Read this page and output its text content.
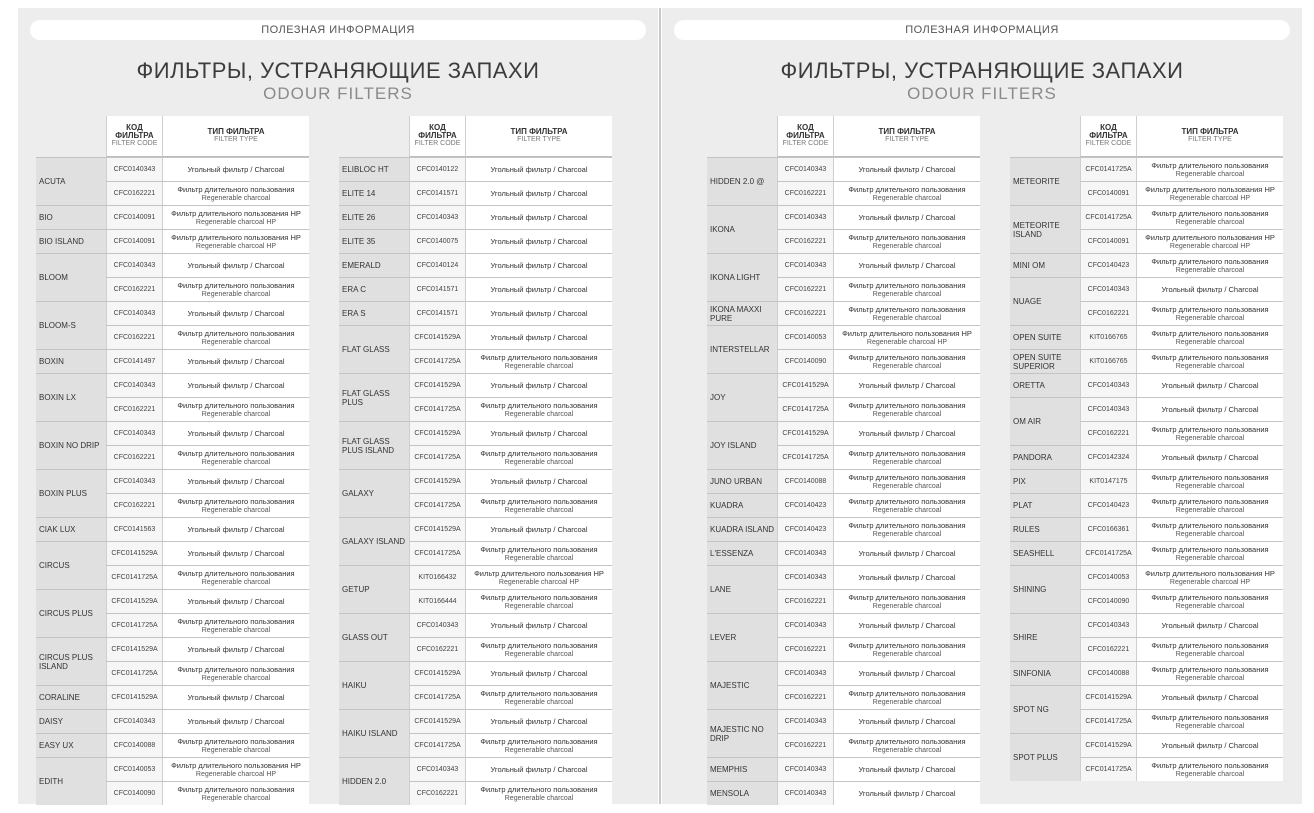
ПОЛЕЗНАЯ ИНФОРМАЦИЯ
ФИЛЬТРЫ, УСТРАНЯЮЩИЕ ЗАПАХИ
ODOUR FILTERS
КОД ФИЛЬТРА
FILTER CODE
ТИП ФИЛЬТРА
FILTER TYPE
ACUTA
CFC0140343	Угольный фильтр / Charcoal
CFC0162221	Фильтр длительного пользования
Regenerable charcoal
BIO	CFC0140091	Фильтр длительного пользования HP
Regenerable charcoal HP
BIO ISLAND	CFC0140091	Фильтр длительного пользования HP
Regenerable charcoal HP
BLOOM
CFC0140343	Угольный фильтр / Charcoal
CFC0162221	Фильтр длительного пользования
Regenerable charcoal
BLOOM-S
CFC0140343	Угольный фильтр / Charcoal
CFC0162221	Фильтр длительного пользования
Regenerable charcoal
BOXIN	CFC0141497	Угольный фильтр / Charcoal
BOXIN LX
CFC0140343	Угольный фильтр / Charcoal
CFC0162221	Фильтр длительного пользования
Regenerable charcoal
BOXIN NO DRIP
CFC0140343	Угольный фильтр / Charcoal
CFC0162221	Фильтр длительного пользования
Regenerable charcoal
BOXIN PLUS
CFC0140343	Угольный фильтр / Charcoal
CFC0162221	Фильтр длительного пользования
Regenerable charcoal
CIAK LUX	CFC0141563	Угольный фильтр / Charcoal
CIRCUS
CFC0141529A	Угольный фильтр / Charcoal
CFC0141725A	Фильтр длительного пользования
Regenerable charcoal
CIRCUS PLUS
CFC0141529A	Угольный фильтр / Charcoal
CFC0141725A	Фильтр длительного пользования
Regenerable charcoal
CIRCUS PLUS ISLAND
CFC0141529A	Угольный фильтр / Charcoal
CFC0141725A	Фильтр длительного пользования
Regenerable charcoal
CORALINE	CFC0141529A	Угольный фильтр / Charcoal
DAISY	CFC0140343	Угольный фильтр / Charcoal
EASY UX	CFC0140088	Фильтр длительного пользования
Regenerable charcoal
EDITH
CFC0140053	Фильтр длительного пользования HP
Regenerable charcoal HP
CFC0140090	Фильтр длительного пользования
Regenerable charcoal
КОД ФИЛЬТРА
FILTER CODE
ТИП ФИЛЬТРА
FILTER TYPE
ELIBLOC HT	CFC0140122	Угольный фильтр / Charcoal
ELITE 14	CFC0141571	Угольный фильтр / Charcoal
ELITE 26	CFC0140343	Угольный фильтр / Charcoal
ELITE 35	CFC0140075	Угольный фильтр / Charcoal
EMERALD	CFC0140124	Угольный фильтр / Charcoal
ERA C	CFC0141571	Угольный фильтр / Charcoal
ERA S	CFC0141571	Угольный фильтр / Charcoal
FLAT GLASS
CFC0141529A	Угольный фильтр / Charcoal
CFC0141725A	Фильтр длительного пользования
Regenerable charcoal
FLAT GLASS PLUS
CFC0141529A	Угольный фильтр / Charcoal
CFC0141725A	Фильтр длительного пользования
Regenerable charcoal
FLAT GLASS PLUS ISLAND
CFC0141529A	Угольный фильтр / Charcoal
CFC0141725A	Фильтр длительного пользования
Regenerable charcoal
GALAXY
CFC0141529A	Угольный фильтр / Charcoal
CFC0141725A	Фильтр длительного пользования
Regenerable charcoal
GALAXY ISLAND
CFC0141529A	Угольный фильтр / Charcoal
CFC0141725A	Фильтр длительного пользования
Regenerable charcoal
GETUP
KIT0166432	Фильтр длительного пользования HP
Regenerable charcoal HP
KIT0166444	Фильтр длительного пользования
Regenerable charcoal
GLASS OUT
CFC0140343	Угольный фильтр / Charcoal
CFC0162221	Фильтр длительного пользования
Regenerable charcoal
HAIKU
CFC0141529A	Угольный фильтр / Charcoal
CFC0141725A	Фильтр длительного пользования
Regenerable charcoal
HAIKU ISLAND
CFC0141529A	Угольный фильтр / Charcoal
CFC0141725A	Фильтр длительного пользования
Regenerable charcoal
HIDDEN 2.0
CFC0140343	Угольный фильтр / Charcoal
CFC0162221	Фильтр длительного пользования
Regenerable charcoal
ПОЛЕЗНАЯ ИНФОРМАЦИЯ
ФИЛЬТРЫ, УСТРАНЯЮЩИЕ ЗАПАХИ
ODOUR FILTERS
КОД ФИЛЬТРА
FILTER CODE
ТИП ФИЛЬТРА
FILTER TYPE
HIDDEN 2.0 @
CFC0140343	Угольный фильтр / Charcoal
CFC0162221	Фильтр длительного пользования
Regenerable charcoal
IKONA
CFC0140343	Угольный фильтр / Charcoal
CFC0162221	Фильтр длительного пользования
Regenerable charcoal
IKONA LIGHT
CFC0140343	Угольный фильтр / Charcoal
CFC0162221	Фильтр длительного пользования
Regenerable charcoal
IKONA MAXXI PURE	CFC0162221	Фильтр длительного пользования
Regenerable charcoal
INTERSTELLAR
CFC0140053	Фильтр длительного пользования HP
Regenerable charcoal HP
CFC0140090	Фильтр длительного пользования
Regenerable charcoal
JOY
CFC0141529A	Угольный фильтр / Charcoal
CFC0141725A	Фильтр длительного пользования
Regenerable charcoal
JOY ISLAND
CFC0141529A	Угольный фильтр / Charcoal
CFC0141725A	Фильтр длительного пользования
Regenerable charcoal
JUNO URBAN	CFC0140088	Фильтр длительного пользования
Regenerable charcoal
KUADRA	CFC0140423	Фильтр длительного пользования
Regenerable charcoal
KUADRA ISLAND	CFC0140423	Фильтр длительного пользования
Regenerable charcoal
L'ESSENZA	CFC0140343	Угольный фильтр / Charcoal
LANE
CFC0140343	Угольный фильтр / Charcoal
CFC0162221	Фильтр длительного пользования
Regenerable charcoal
LEVER
CFC0140343	Угольный фильтр / Charcoal
CFC0162221	Фильтр длительного пользования
Regenerable charcoal
MAJESTIC
CFC0140343	Угольный фильтр / Charcoal
CFC0162221	Фильтр длительного пользования
Regenerable charcoal
MAJESTIC NO DRIP
CFC0140343	Угольный фильтр / Charcoal
CFC0162221	Фильтр длительного пользования
Regenerable charcoal
MEMPHIS	CFC0140343	Угольный фильтр / Charcoal
MENSOLA	CFC0140343	Угольный фильтр / Charcoal
КОД ФИЛЬТРА
FILTER CODE
ТИП ФИЛЬТРА
FILTER TYPE
METEORITE
CFC0141725A	Фильтр длительного пользования
Regenerable charcoal
CFC0140091	Фильтр длительного пользования HP
Regenerable charcoal HP
METEORITE ISLAND
CFC0141725A	Фильтр длительного пользования
Regenerable charcoal
CFC0140091	Фильтр длительного пользования HP
Regenerable charcoal HP
MINI OM	CFC0140423	Фильтр длительного пользования
Regenerable charcoal
NUAGE
CFC0140343	Угольный фильтр / Charcoal
CFC0162221	Фильтр длительного пользования
Regenerable charcoal
OPEN SUITE	KIT0166765	Фильтр длительного пользования
Regenerable charcoal
OPEN SUITE SUPERIOR	KIT0166765	Фильтр длительного пользования
Regenerable charcoal
ORETTA	CFC0140343	Угольный фильтр / Charcoal
OM AIR
CFC0140343	Угольный фильтр / Charcoal
CFC0162221	Фильтр длительного пользования
Regenerable charcoal
PANDORA	CFC0142324	Угольный фильтр / Charcoal
PIX	KIT0147175	Фильтр длительного пользования
Regenerable charcoal
PLAT	CFC0140423	Фильтр длительного пользования
Regenerable charcoal
RULES	CFC0166361	Фильтр длительного пользования
Regenerable charcoal
SEASHELL	CFC0141725A	Фильтр длительного пользования
Regenerable charcoal
SHINING
CFC0140053	Фильтр длительного пользования HP
Regenerable charcoal HP
CFC0140090	Фильтр длительного пользования
Regenerable charcoal
SHIRE
CFC0140343	Угольный фильтр / Charcoal
CFC0162221	Фильтр длительного пользования
Regenerable charcoal
SINFONIA	CFC0140088	Фильтр длительного пользования
Regenerable charcoal
SPOT NG
CFC0141529A	Угольный фильтр / Charcoal
CFC0141725A	Фильтр длительного пользования
Regenerable charcoal
SPOT PLUS
CFC0141529A	Угольный фильтр / Charcoal
CFC0141725A	Фильтр длительного пользования
Regenerable charcoal
